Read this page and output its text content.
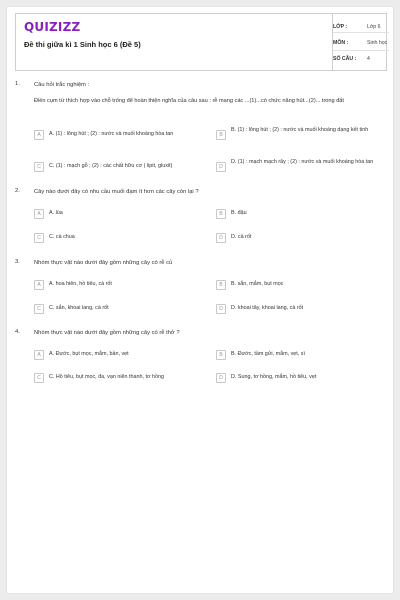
QUIZIZZ
Đề thi giữa kì 1 Sinh học 6 (Đề 5)
LỚP :	Lớp 6
MÔN :	Sinh học
SỐ CÂU : 4
1. Câu hỏi trắc nghiệm :
Điền cụm từ thích hợp vào chỗ trống để hoàn thiện nghĩa của câu sau : rễ mang các ...(1)...có chức năng hút...(2)... trong đất
A	A. (1) : lông hút ; (2) : nước và muối khoáng hòa tan	B
B. (1) : lông hút ; (2) : nước và muối khoáng dạng kết tinh
C	C. (1) : mạch gỗ ; (2) : các chất hữu cơ ( lipit, gluxit)	D
D. (1) : mạch mạch rây ; (2) : nước và muối khoáng hòa tan
2. Cây nào dưới đây có nhu cầu muối đạm ít hơn các cây còn lại ?
A	A. lúa	B	B. đậu
C	C. cà chua	D	D. cà rốt
3. Nhóm thực vật nào dưới đây gồm những cây có rễ củ
A	A. hoa hiên, hồ tiêu, cà rốt	B	B. sắn, mắm, bụt mọc
C	C. sắn, khoai lang, cà rốt	D	D. khoai tây, khoai lang, cà rốt
4. Nhóm thực vật nào dưới đây gồm những cây có rễ thở ?
A	A. Đước, bụt mọc, mắm, bần, vẹt	B	B. Đước, tầm gửi, mắm, vẹt, sì
C	C. Hồ tiêu, bụt mọc, đa, vạn niên thanh, tơ hồng	D	D. Sung, tơ hồng, mắm, hồ tiêu, vẹt
